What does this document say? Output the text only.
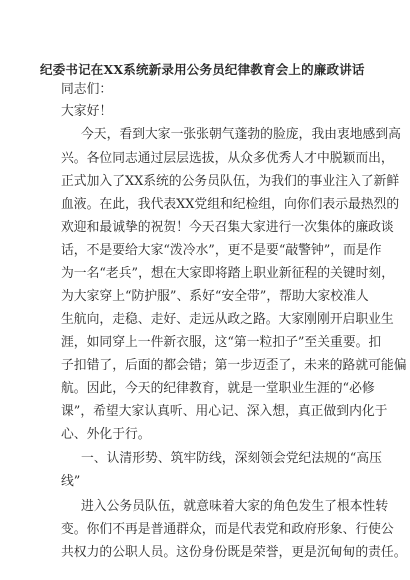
纪委书记在XX系统新录用公务员纪律教育会上的廉政讲话
同志们：
大家好！
今天，看到大家一张张朝气蓬勃的脸庞，我由衷地感到高
兴。各位同志通过层层选拔，从众多优秀人才中脱颖而出，
正式加入了XX系统的公务员队伍，为我们的事业注入了新鲜
血液。在此，我代表XX党组和纪检组，向你们表示最热烈的
欢迎和最诚挚的祝贺！今天召集大家进行一次集体的廉政谈
话，不是要给大家“泼冷水”，更不是要“敲警钟”，而是作
为一名“老兵”，想在大家即将踏上职业新征程的关键时刻，
为大家穿上“防护服”、系好“安全带”，帮助大家校准人
生航向，走稳、走好、走远从政之路。大家刚刚开启职业生
涯，如同穿上一件新衣服，这“第一粒扣子”至关重要。扣
子扣错了，后面的都会错；第一步迈歪了，未来的路就可能偏
航。因此，今天的纪律教育，就是一堂职业生涯的“必修
课”，希望大家认真听、用心记、深入想，真正做到内化于
心、外化于行。
一、认清形势、筑牢防线，深刻领会党纪法规的“高压
线”
进入公务员队伍，就意味着大家的角色发生了根本性转
变。你们不再是普通群众，而是代表党和政府形象、行使公
共权力的公职人员。这份身份既是荣誉，更是沉甸甸的责任。
